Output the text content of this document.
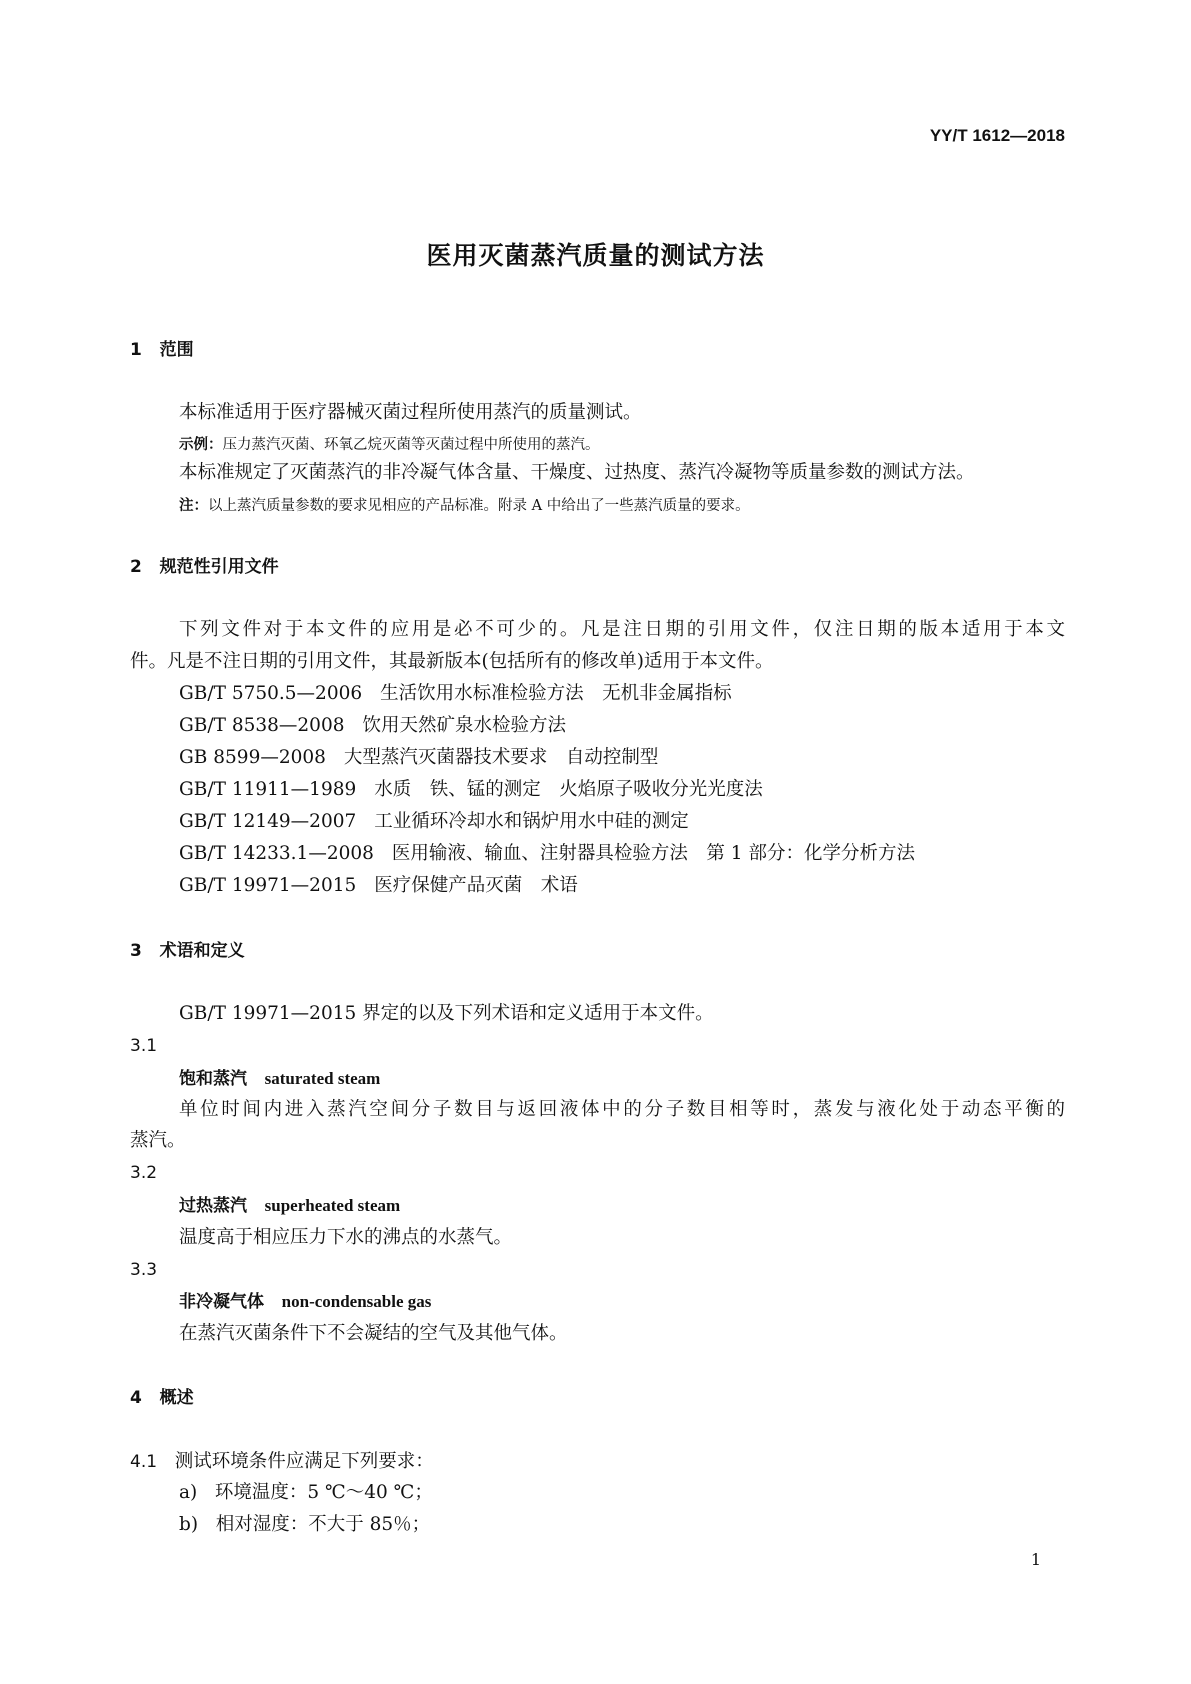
YY/T 1612—2018
医用灭菌蒸汽质量的测试方法
1 范围
本标准适用于医疗器械灭菌过程所使用蒸汽的质量测试。
示例：压力蒸汽灭菌、环氧乙烷灭菌等灭菌过程中所使用的蒸汽。
本标准规定了灭菌蒸汽的非冷凝气体含量、干燥度、过热度、蒸汽冷凝物等质量参数的测试方法。
注：以上蒸汽质量参数的要求见相应的产品标准。附录 A 中给出了一些蒸汽质量的要求。
2 规范性引用文件
下列文件对于本文件的应用是必不可少的。凡是注日期的引用文件，仅注日期的版本适用于本文
件。凡是不注日期的引用文件，其最新版本(包括所有的修改单)适用于本文件。
GB/T 5750.5—2006 生活饮用水标准检验方法　无机非金属指标
GB/T 8538—2008 饮用天然矿泉水检验方法
GB 8599—2008 大型蒸汽灭菌器技术要求　自动控制型
GB/T 11911—1989 水质　铁、锰的测定　火焰原子吸收分光光度法
GB/T 12149—2007 工业循环冷却水和锅炉用水中硅的测定
GB/T 14233.1—2008 医用输液、输血、注射器具检验方法　第 1 部分：化学分析方法
GB/T 19971—2015 医疗保健产品灭菌　术语
3 术语和定义
GB/T 19971—2015 界定的以及下列术语和定义适用于本文件。
3.1
饱和蒸汽 saturated steam
单位时间内进入蒸汽空间分子数目与返回液体中的分子数目相等时，蒸发与液化处于动态平衡的
蒸汽。
3.2
过热蒸汽 superheated steam
温度高于相应压力下水的沸点的水蒸气。
3.3
非冷凝气体 non-condensable gas
在蒸汽灭菌条件下不会凝结的空气及其他气体。
4 概述
4.1 测试环境条件应满足下列要求：
a) 环境温度：5 ℃～40 ℃；
b) 相对湿度：不大于 85％；
1
